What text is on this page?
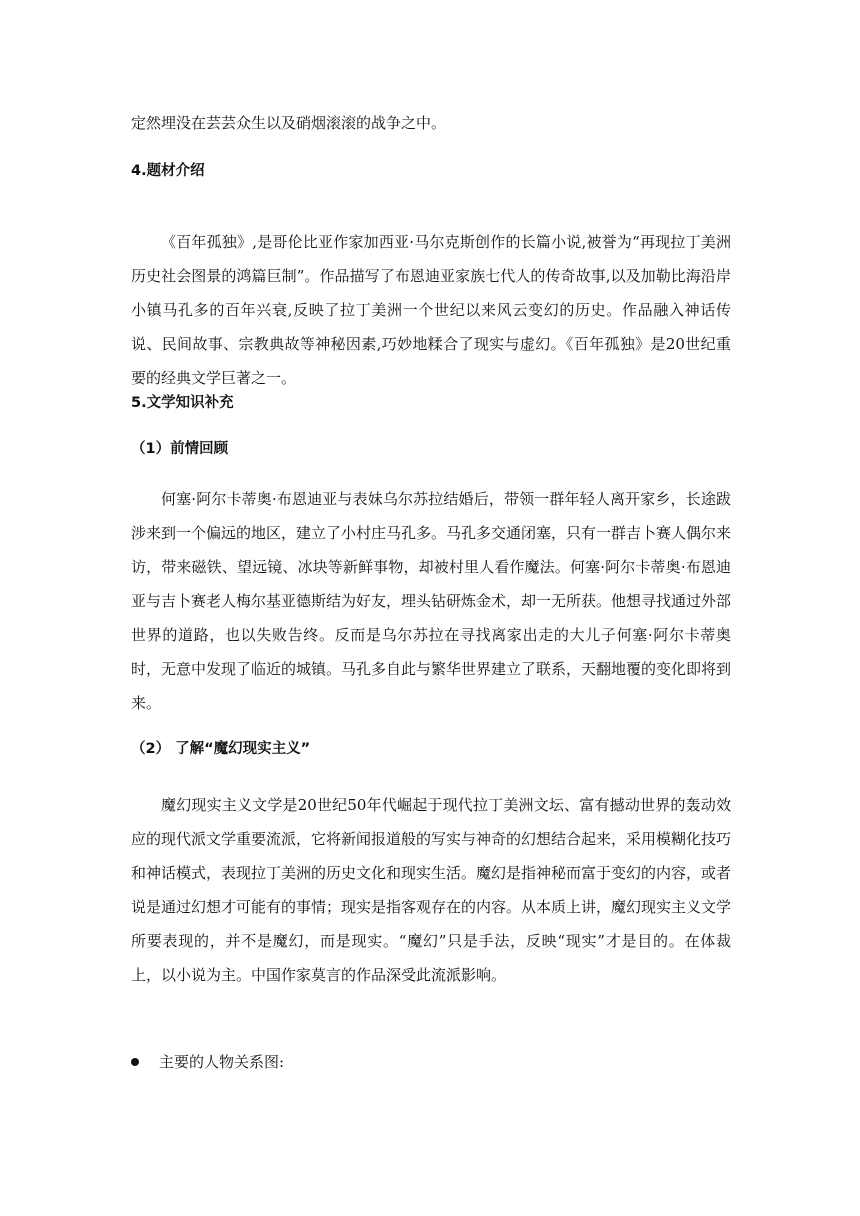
定然埋没在芸芸众生以及硝烟滚滚的战争之中。

4.题材介绍

《百年孤独》,是哥伦比亚作家加西亚·马尔克斯创作的长篇小说,被誉为“再现拉丁美洲历史社会图景的鸿篇巨制”。作品描写了布恩迪亚家族七代人的传奇故事,以及加勒比海沿岸小镇马孔多的百年兴衰,反映了拉丁美洲一个世纪以来风云变幻的历史。作品融入神话传说、民间故事、宗教典故等神秘因素,巧妙地糅合了现实与虚幻。《百年孤独》是20世纪重要的经典文学巨著之一。

5.文学知识补充
（1）前情回顾

何塞·阿尔卡蒂奥·布恩迪亚与表妹乌尔苏拉结婚后，带领一群年轻人离开家乡，长途跋涉来到一个偏远的地区，建立了小村庄马孔多。马孔多交通闭塞，只有一群吉卜赛人偶尔来访，带来磁铁、望远镜、冰块等新鲜事物，却被村里人看作魔法。何塞·阿尔卡蒂奥·布恩迪亚与吉卜赛老人梅尔基亚德斯结为好友，埋头钻研炼金术，却一无所获。他想寻找通过外部世界的道路，也以失败告终。反而是乌尔苏拉在寻找离家出走的大儿子何塞·阿尔卡蒂奥时，无意中发现了临近的城镇。马孔多自此与繁华世界建立了联系，天翻地覆的变化即将到来。

（2） 了解“魔幻现实主义”

魔幻现实主义文学是20世纪50年代崛起于现代拉丁美洲文坛、富有撼动世界的轰动效应的现代派文学重要流派，它将新闻报道般的写实与神奇的幻想结合起来，采用模糊化技巧和神话模式，表现拉丁美洲的历史文化和现实生活。魔幻是指神秘而富于变幻的内容，或者说是通过幻想才可能有的事情；现实是指客观存在的内容。从本质上讲，魔幻现实主义文学所要表现的，并不是魔幻，而是现实。“魔幻”只是手法，反映“现实”才是目的。在体裁上，以小说为主。中国作家莫言的作品深受此流派影响。

主要的人物关系图:
